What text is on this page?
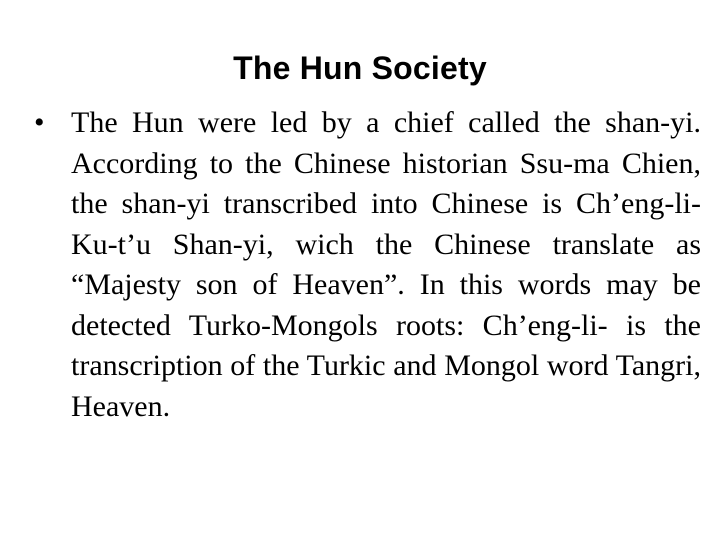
The Hun Society
• The Hun were led by a chief called the shan-yi. According to the Chinese historian Ssu-ma Chien, the shan-yi transcribed into Chinese is Ch’eng-li-Ku-t’u Shan-yi, wich the Chinese translate as “Majesty son of Heaven”. In this words may be detected Turko-Mongols roots: Ch’eng-li- is the transcription of the Turkic and Mongol word Tangri, Heaven.
